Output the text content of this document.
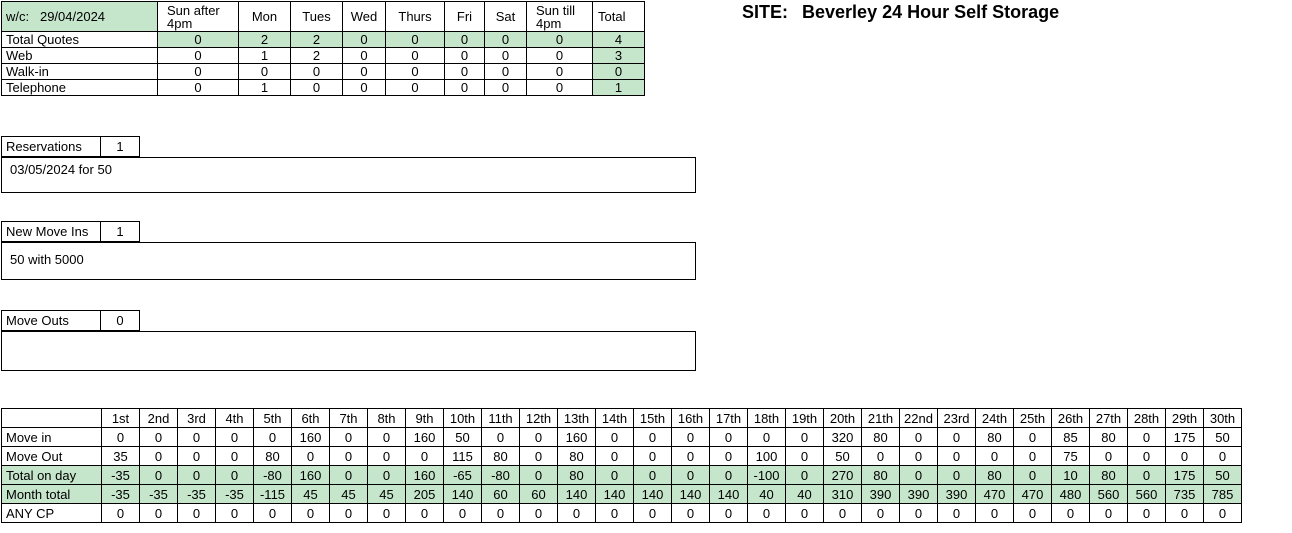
w/c: 29/04/2024	Sun after 4pm	Mon	Tues	Wed	Thurs	Fri	Sat	Sun till 4pm	Total
Total Quotes	0	2	2	0	0	0	0	0	4
Web	0	1	2	0	0	0	0	0	3
Walk-in	0	0	0	0	0	0	0	0	0
Telephone	0	1	0	0	0	0	0	0	1
SITE: Beverley 24 Hour Self Storage
Reservations	1
03/05/2024 for 50
New Move Ins	1
50 with 5000
Move Outs	0
	1st	2nd	3rd	4th	5th	6th	7th	8th	9th	10th	11th	12th	13th	14th	15th	16th	17th	18th	19th	20th	21th	22nd	23rd	24th	25th	26th	27th	28th	29th	30th
Move in	0	0	0	0	0	160	0	0	160	50	0	0	160	0	0	0	0	0	0	320	80	0	0	80	0	85	80	0	175	50
Move Out	35	0	0	0	80	0	0	0	0	115	80	0	80	0	0	0	0	100	0	50	0	0	0	0	0	75	0	0	0	0
Total on day	-35	0	0	0	-80	160	0	0	160	-65	-80	0	80	0	0	0	0	-100	0	270	80	0	0	80	0	10	80	0	175	50
Month total	-35	-35	-35	-35	-115	45	45	45	205	140	60	60	140	140	140	140	140	40	40	310	390	390	390	470	470	480	560	560	735	785
ANY CP	0	0	0	0	0	0	0	0	0	0	0	0	0	0	0	0	0	0	0	0	0	0	0	0	0	0	0	0	0	0
